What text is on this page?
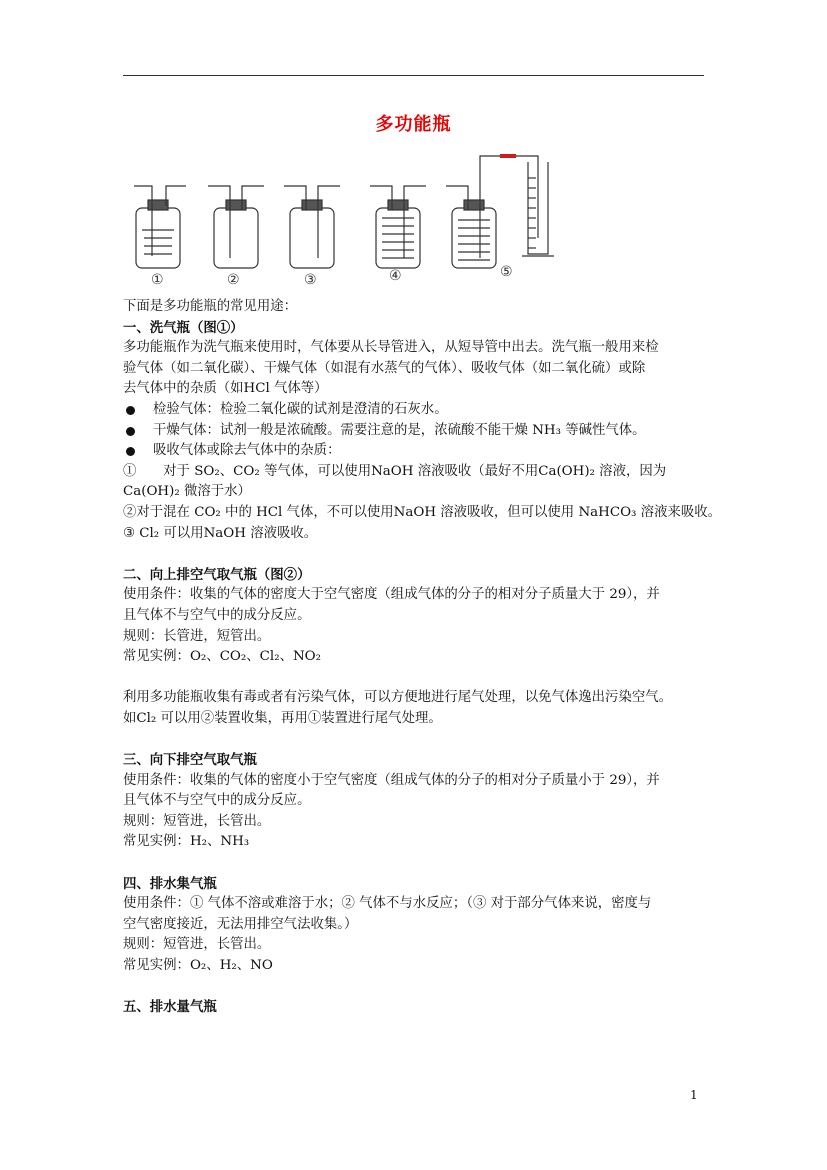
多功能瓶
①	②	③	④	⑤

下面是多功能瓶的常见用途：

一、洗气瓶（图①）

多功能瓶作为洗气瓶来使用时，气体要从长导管进入，从短导管中出去。洗气瓶一般用来检

验气体（如二氧化碳）、干燥气体（如混有水蒸气的气体）、吸收气体（如二氧化硫）或除

去气体中的杂质（如HCl 气体等）

检验气体：检验二氧化碳的试剂是澄清的石灰水。

干燥气体：试剂一般是浓硫酸。需要注意的是，浓硫酸不能干燥 NH₃ 等碱性气体。

吸收气体或除去气体中的杂质：

①　　对于 SO₂、CO₂ 等气体，可以使用NaOH 溶液吸收（最好不用Ca(OH)₂ 溶液，因为

Ca(OH)₂ 微溶于水）

②对于混在 CO₂ 中的 HCl 气体，不可以使用NaOH 溶液吸收，但可以使用 NaHCO₃ 溶液来吸收。

③ Cl₂ 可以用NaOH 溶液吸收。

二、向上排空气取气瓶（图②）

使用条件：收集的气体的密度大于空气密度（组成气体的分子的相对分子质量大于 29），并

且气体不与空气中的成分反应。

规则：长管进，短管出。

常见实例：O₂、CO₂、Cl₂、NO₂

利用多功能瓶收集有毒或者有污染气体，可以方便地进行尾气处理，以免气体逸出污染空气。

如Cl₂ 可以用②装置收集，再用①装置进行尾气处理。

三、向下排空气取气瓶

使用条件：收集的气体的密度小于空气密度（组成气体的分子的相对分子质量小于 29），并

且气体不与空气中的成分反应。

规则：短管进，长管出。

常见实例：H₂、NH₃

四、排水集气瓶

使用条件：① 气体不溶或难溶于水；② 气体不与水反应；（③ 对于部分气体来说，密度与

空气密度接近，无法用排空气法收集。）

规则：短管进，长管出。

常见实例：O₂、H₂、NO

五、排水量气瓶

1
